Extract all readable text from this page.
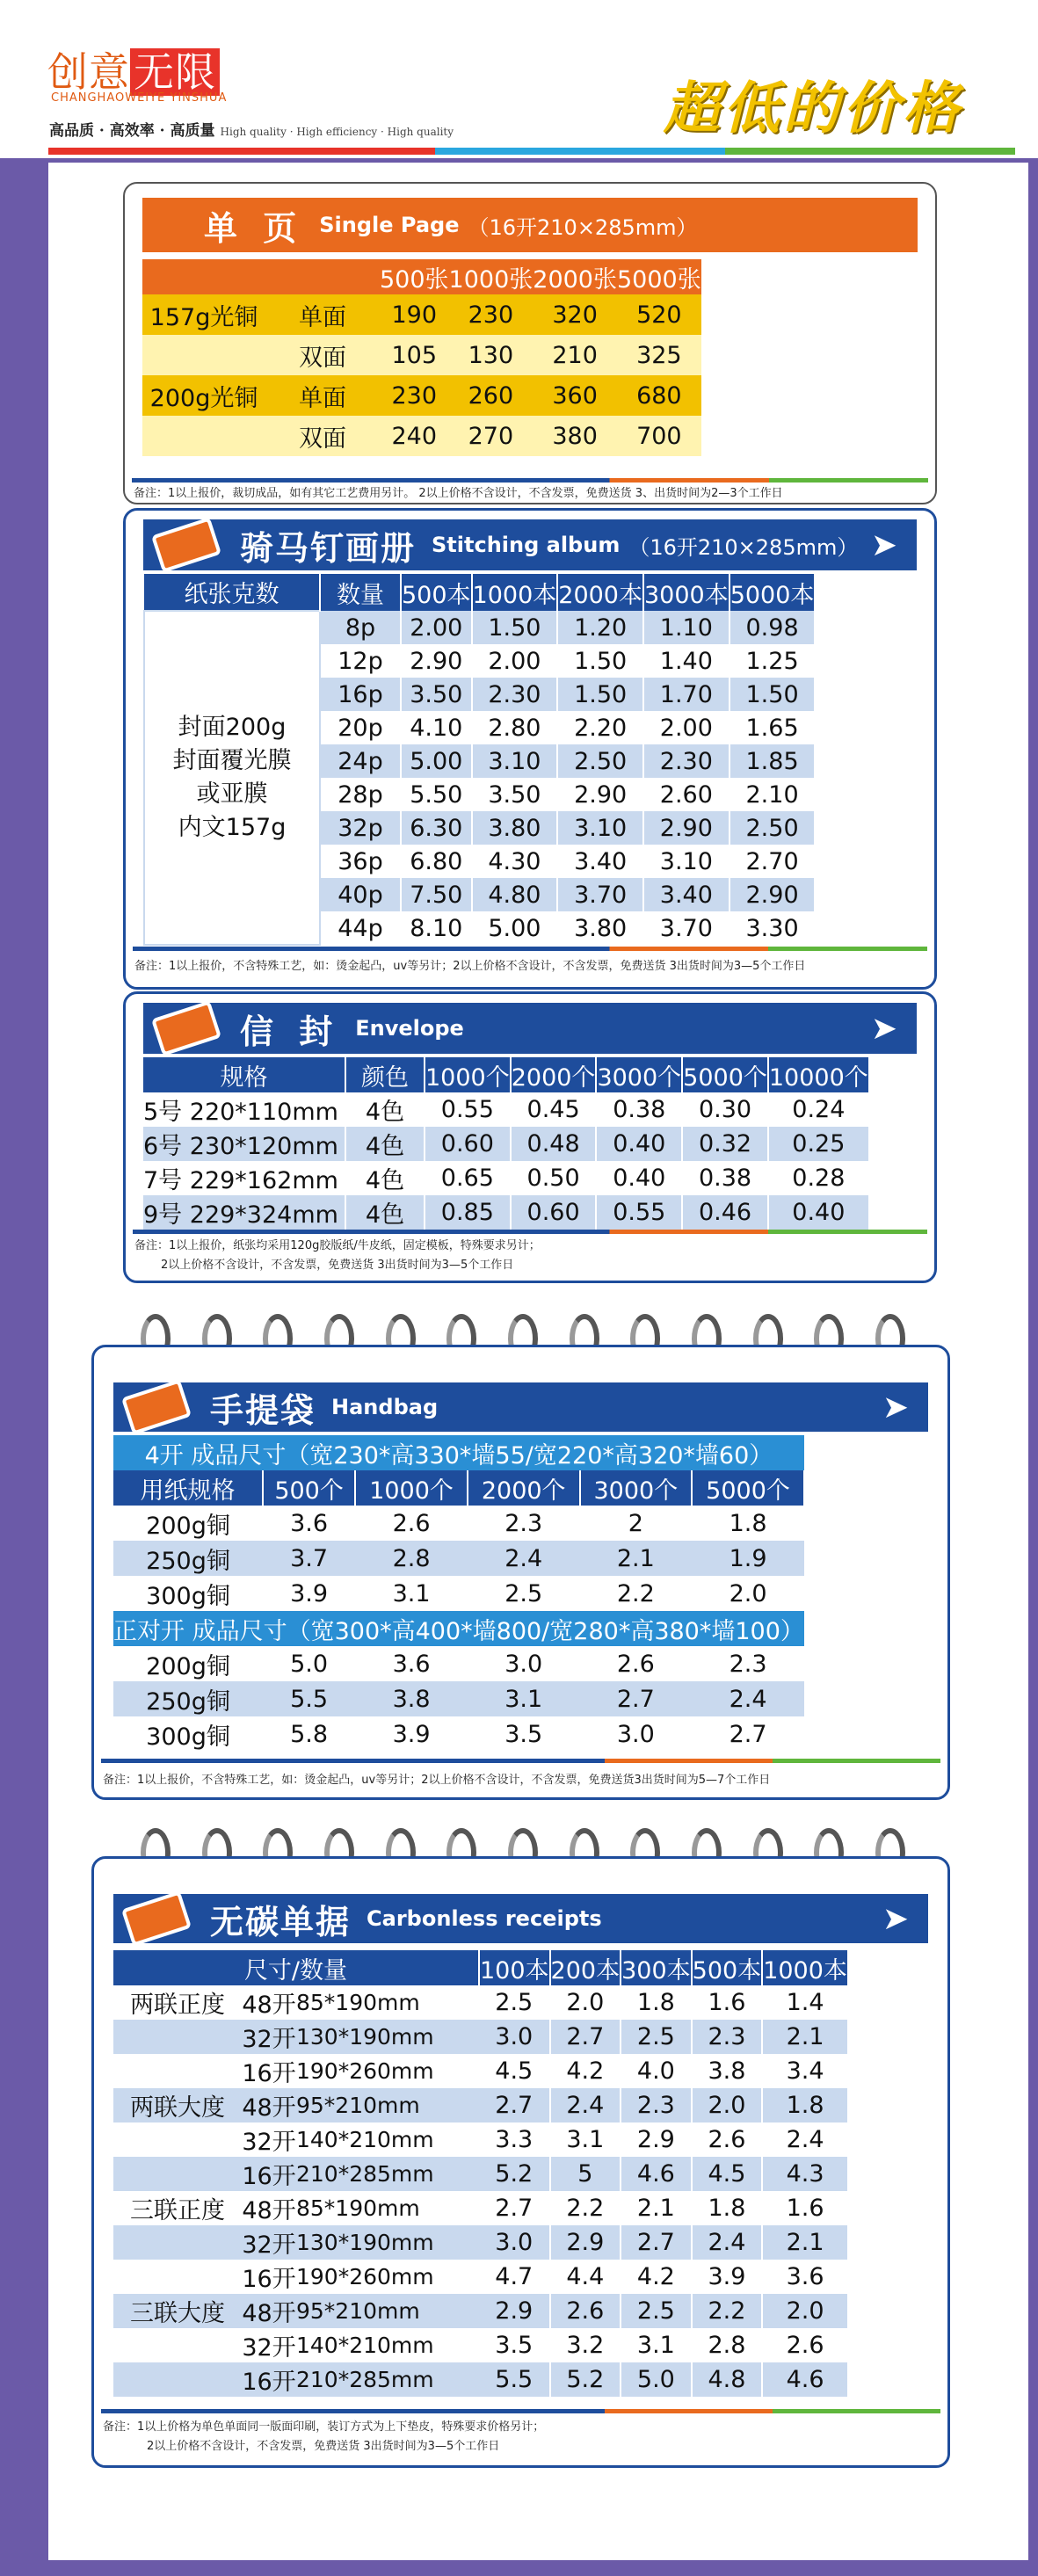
创意无限
CHANGHAOWEIYE YINSHUA
高品质 · 高效率 · 高质量 High quality · High efficiency · High quality	超低的价格
单 页 Single Page （16开210×285mm）
		500张	1000张	2000张	5000张
157g光铜	单面	190	230	320	520
	双面	105	130	210	325
200g光铜	单面	230	260	360	680
	双面	240	270	380	700
备注：1以上报价，裁切成品，如有其它工艺费用另计。 2以上价格不含设计，不含发票，免费送货 3、出货时间为2—3个工作日
骑马钉画册 Stitching album （16开210×285mm） ➤
纸张克数	数量	500本	1000本	2000本	3000本	5000本

封面200g
封面覆光膜
或亚膜
内文157g	8p	2.00	1.50	1.20	1.10	0.98
	12p	2.90	2.00	1.50	1.40	1.25
	16p	3.50	2.30	1.50	1.70	1.50
	20p	4.10	2.80	2.20	2.00	1.65
	24p	5.00	3.10	2.50	2.30	1.85
	28p	5.50	3.50	2.90	2.60	2.10
	32p	6.30	3.80	3.10	2.90	2.50
	36p	6.80	4.30	3.40	3.10	2.70
	40p	7.50	4.80	3.70	3.40	2.90
	44p	8.10	5.00	3.80	3.70	3.30
备注：1以上报价，不含特殊工艺，如：烫金起凸，uv等另计；2以上价格不含设计，不含发票，免费送货 3出货时间为3—5个工作日
信 封 Envelope	➤
规格	颜色	1000个	2000个	3000个	5000个	10000个
5号 220*110mm	4色	0.55	0.45	0.38	0.30	0.24
6号 230*120mm	4色	0.60	0.48	0.40	0.32	0.25
7号 229*162mm	4色	0.65	0.50	0.40	0.38	0.28
9号 229*324mm	4色	0.85	0.60	0.55	0.46	0.40
备注：1以上报价，纸张均采用120g胶版纸/牛皮纸，固定模板，特殊要求另计；
2以上价格不含设计，不含发票，免费送货 3出货时间为3—5个工作日
手提袋 Handbag	➤
4开 成品尺寸（宽230*高330*墙55/宽220*高320*墙60）					
用纸规格	500个	1000个	2000个	3000个	5000个
200g铜	3.6	2.6	2.3	2	1.8
250g铜	3.7	2.8	2.4	2.1	1.9
300g铜	3.9	3.1	2.5	2.2	2.0
正对开 成品尺寸（宽300*高400*墙800/宽280*高380*墙100）					
200g铜	5.0	3.6	3.0	2.6	2.3
250g铜	5.5	3.8	3.1	2.7	2.4
300g铜	5.8	3.9	3.5	3.0	2.7
备注：1以上报价，不含特殊工艺，如：烫金起凸，uv等另计；2以上价格不含设计，不含发票，免费送货3出货时间为5—7个工作日
无碳单据 Carbonless receipts	➤
尺寸/数量			100本	200本	300本	500本	1000本
两联正度	48开	85*190mm	2.5	2.0	1.8	1.6	1.4
	32开	130*190mm	3.0	2.7	2.5	2.3	2.1
	16开	190*260mm	4.5	4.2	4.0	3.8	3.4
两联大度	48开	95*210mm	2.7	2.4	2.3	2.0	1.8
	32开	140*210mm	3.3	3.1	2.9	2.6	2.4
	16开	210*285mm	5.2	5	4.6	4.5	4.3
三联正度	48开	85*190mm	2.7	2.2	2.1	1.8	1.6
	32开	130*190mm	3.0	2.9	2.7	2.4	2.1
	16开	190*260mm	4.7	4.4	4.2	3.9	3.6
三联大度	48开	95*210mm	2.9	2.6	2.5	2.2	2.0
	32开	140*210mm	3.5	3.2	3.1	2.8	2.6
	16开	210*285mm	5.5	5.2	5.0	4.8	4.6
备注：1以上价格为单色单面同一版面印刷，装订方式为上下垫皮，特殊要求价格另计；
2以上价格不含设计，不含发票，免费送货 3出货时间为3—5个工作日
